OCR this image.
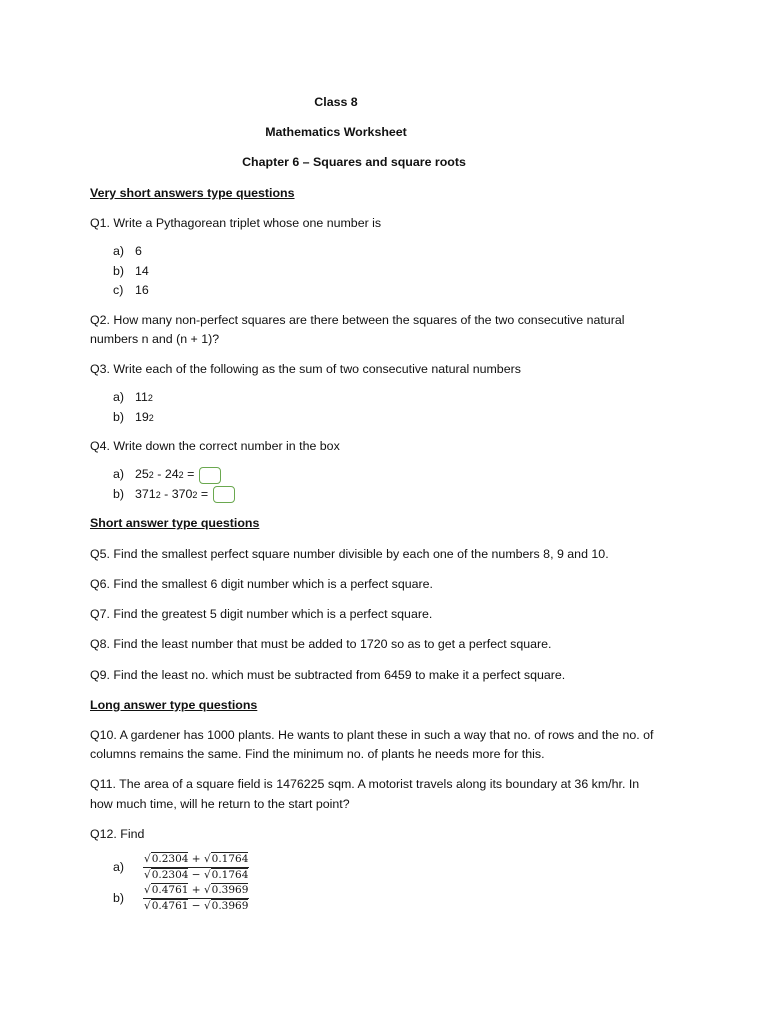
Class 8
Mathematics Worksheet
Chapter 6 – Squares and square roots
Very short answers type questions

Q1. Write a Pythagorean triplet whose one number is

a) 6
b) 14
c) 16

Q2. How many non-perfect squares are there between the squares of the two consecutive natural
numbers n and (n + 1)?

Q3. Write each of the following as the sum of two consecutive natural numbers

a) 11 2
b) 19 2

Q4. Write down the correct number in the box

a) 25 2 - 24 2 =
b) 371 2 - 370 2 =
Short answer type questions

Q5. Find the smallest perfect square number divisible by each one of the numbers 8, 9 and 10.

Q6. Find the smallest 6 digit number which is a perfect square.

Q7. Find the greatest 5 digit number which is a perfect square.

Q8. Find the least number that must be added to 1720 so as to get a perfect square.

Q9. Find the least no. which must be subtracted from 6459 to make it a perfect square.

Long answer type questions

Q10. A gardener has 1000 plants. He wants to plant these in such a way that no. of rows and the no. of
columns remains the same. Find the minimum no. of plants he needs more for this.

Q11. The area of a square field is 1476225 sqm. A motorist travels along its boundary at 36 km/hr. In
how much time, will he return to the start point?

Q12. Find

a)	$\frac{√0.2304 + √0.1764}{√0.2304 - √0.1764}$
b)	$\frac{√0.4761 + √0.3969}{√0.4761 - √0.3969}$
